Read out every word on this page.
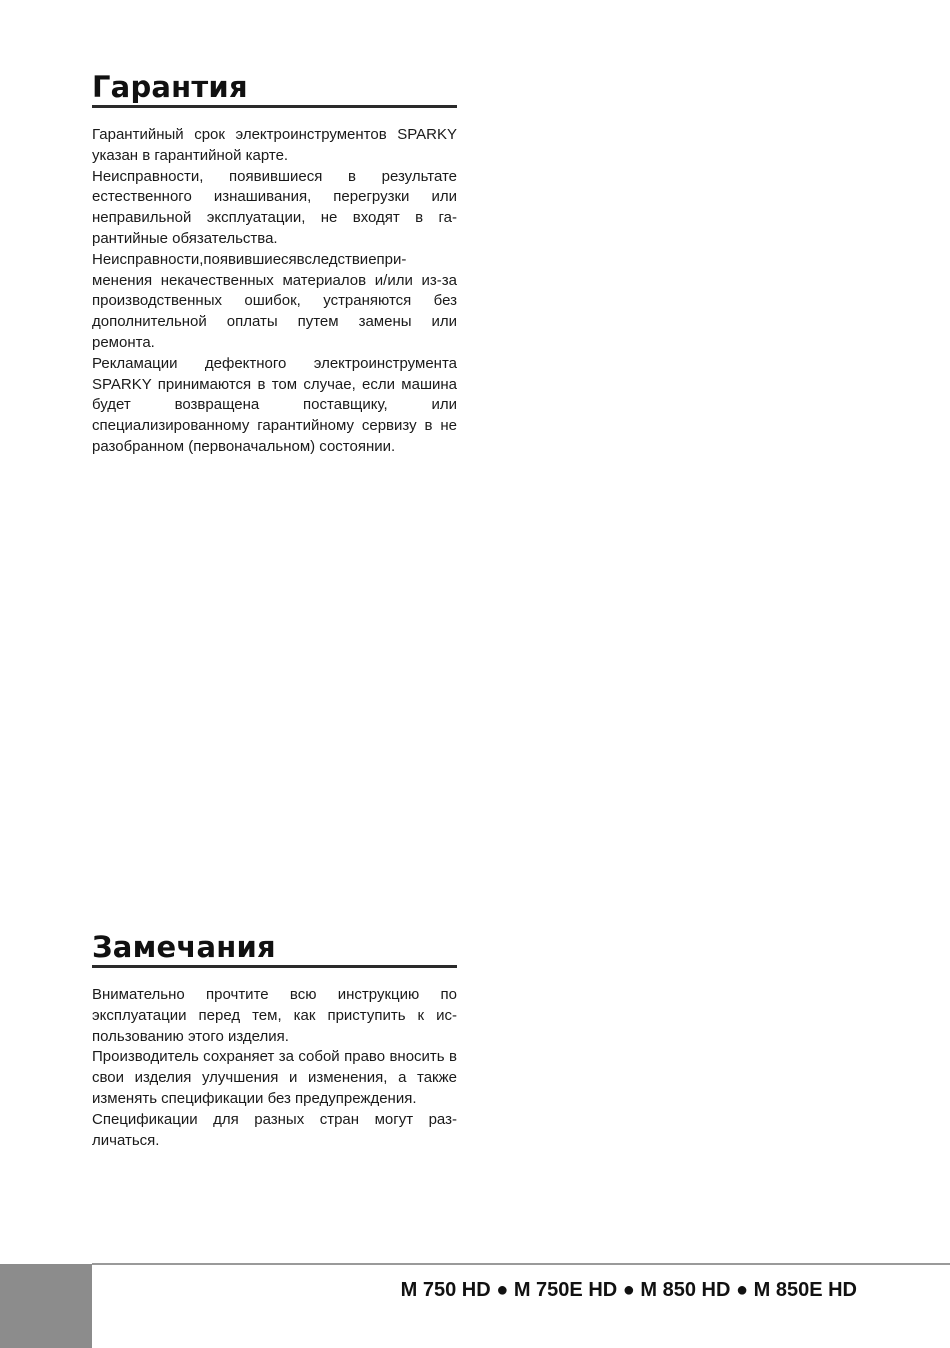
Гарантия

Гарантийный срок электроинструментов SPARKY указан в гарантийной карте.

Неисправности, появившиеся в результате естественного изнашивания, перегрузки или неправильной эксплуатации, не входят в гарантийные обязательства.

Неисправности,появившиесявследствиеприменения некачественных материалов и/или из-за производственных ошибок, устраняются без дополнительной оплаты путем замены или ремонта.

Рекламации дефектного электроинструмента SPARKY принимаются в том случае, если машина будет возвращена поставщику, или специализированному гарантийному сервизу в не разобранном (первоначальном) состоянии.

Замечания

Внимательно прочтите всю инструкцию по эксплуатации перед тем, как приступить к использованию этого изделия.

Производитель сохраняет за собой право вносить в свои изделия улучшения и изменения, а также изменять спецификации без предупреждения.

Спецификации для разных стран могут различаться.

M 750 HD ● M 750E HD ● M 850 HD ● M 850E HD
